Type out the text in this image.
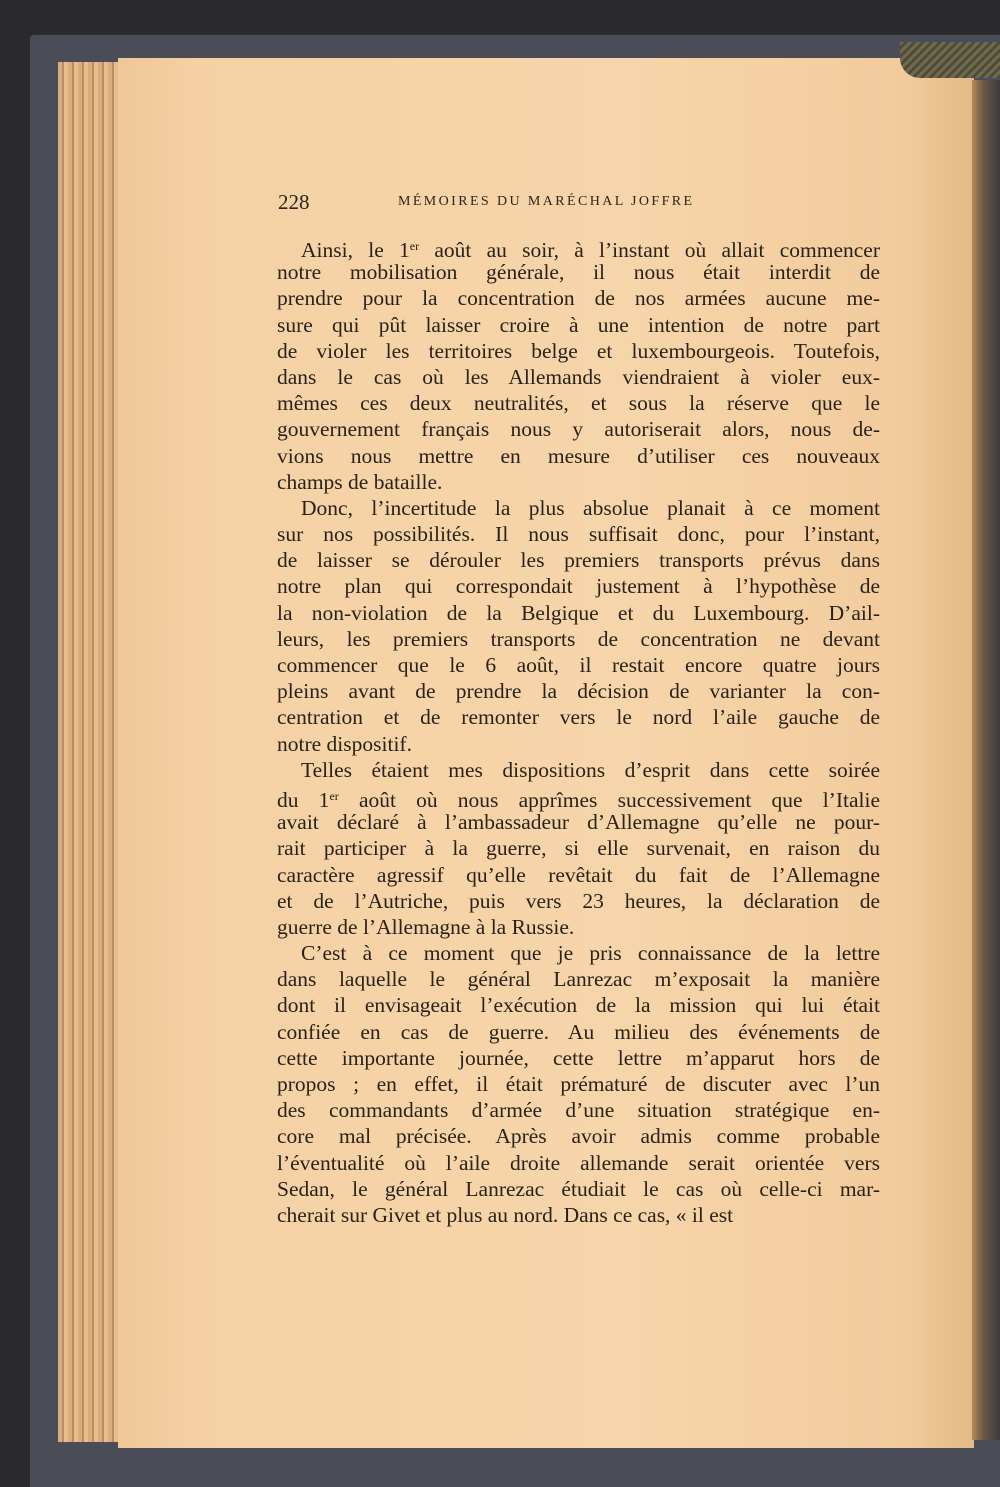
228	MÉMOIRES DU MARÉCHAL JOFFRE
Ainsi, le 1er août au soir, à l’instant où allait commencer
notre mobilisation générale, il nous était interdit de
prendre pour la concentration de nos armées aucune me-
sure qui pût laisser croire à une intention de notre part
de violer les territoires belge et luxembourgeois. Toutefois,
dans le cas où les Allemands viendraient à violer eux-
mêmes ces deux neutralités, et sous la réserve que le
gouvernement français nous y autoriserait alors, nous de-
vions nous mettre en mesure d’utiliser ces nouveaux
champs de bataille.
Donc, l’incertitude la plus absolue planait à ce moment
sur nos possibilités. Il nous suffisait donc, pour l’instant,
de laisser se dérouler les premiers transports prévus dans
notre plan qui correspondait justement à l’hypothèse de
la non-violation de la Belgique et du Luxembourg. D’ail-
leurs, les premiers transports de concentration ne devant
commencer que le 6 août, il restait encore quatre jours
pleins avant de prendre la décision de varianter la con-
centration et de remonter vers le nord l’aile gauche de
notre dispositif.
Telles étaient mes dispositions d’esprit dans cette soirée
du 1er août où nous apprîmes successivement que l’Italie
avait déclaré à l’ambassadeur d’Allemagne qu’elle ne pour-
rait participer à la guerre, si elle survenait, en raison du
caractère agressif qu’elle revêtait du fait de l’Allemagne
et de l’Autriche, puis vers 23 heures, la déclaration de
guerre de l’Allemagne à la Russie.
C’est à ce moment que je pris connaissance de la lettre
dans laquelle le général Lanrezac m’exposait la manière
dont il envisageait l’exécution de la mission qui lui était
confiée en cas de guerre. Au milieu des événements de
cette importante journée, cette lettre m’apparut hors de
propos ; en effet, il était prématuré de discuter avec l’un
des commandants d’armée d’une situation stratégique en-
core mal précisée. Après avoir admis comme probable
l’éventualité où l’aile droite allemande serait orientée vers
Sedan, le général Lanrezac étudiait le cas où celle-ci mar-
cherait sur Givet et plus au nord. Dans ce cas, « il est
